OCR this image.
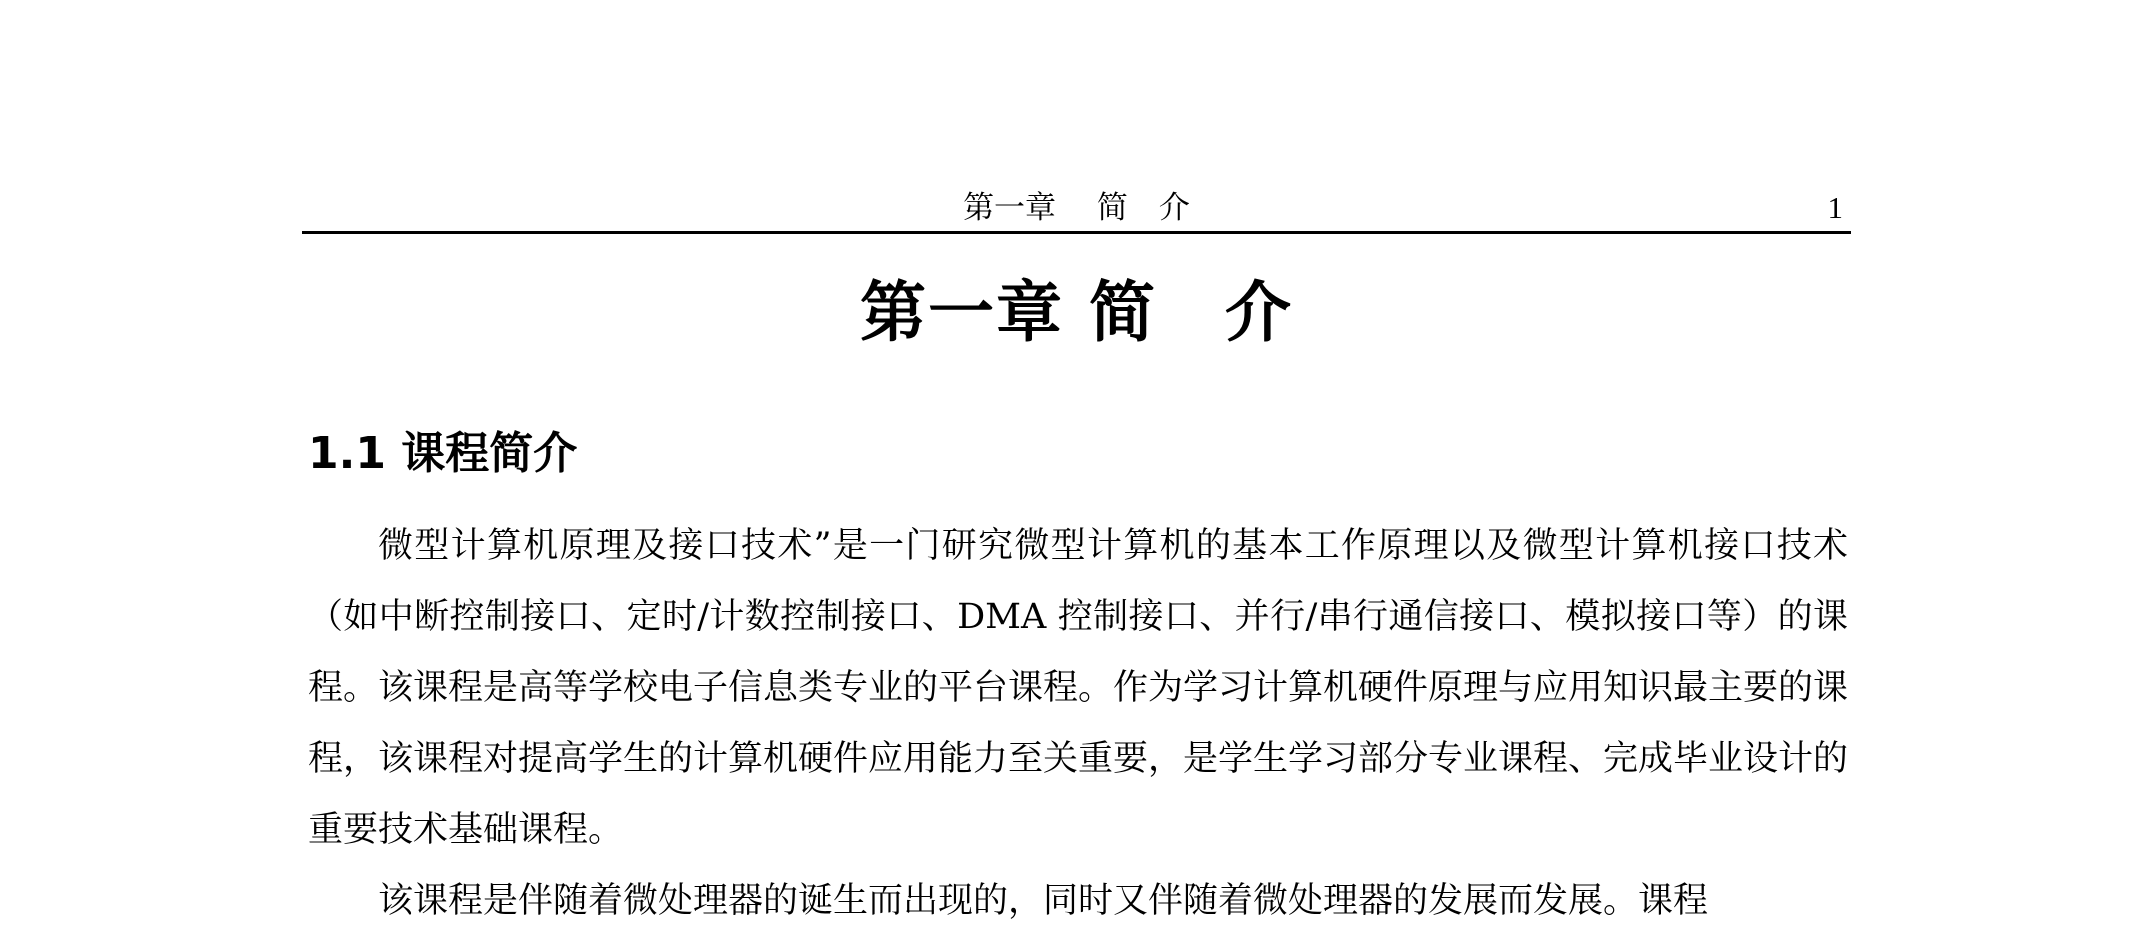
第一章　 简　介	1
第一章 简　介
1.1 课程简介

微型计算机原理及接口技术”是一门研究微型计算机的基本工作原理以及微型计算机接口技术（如中断控制接口、定时/计数控制接口、DMA 控制接口、并行/串行通信接口、模拟接口等）的课程。该课程是高等学校电子信息类专业的平台课程。作为学习计算机硬件原理与应用知识最主要的课程，该课程对提高学生的计算机硬件应用能力至关重要，是学生学习部分专业课程、完成毕业设计的重要技术基础课程。

该课程是伴随着微处理器的诞生而出现的，同时又伴随着微处理器的发展而发展。课程
